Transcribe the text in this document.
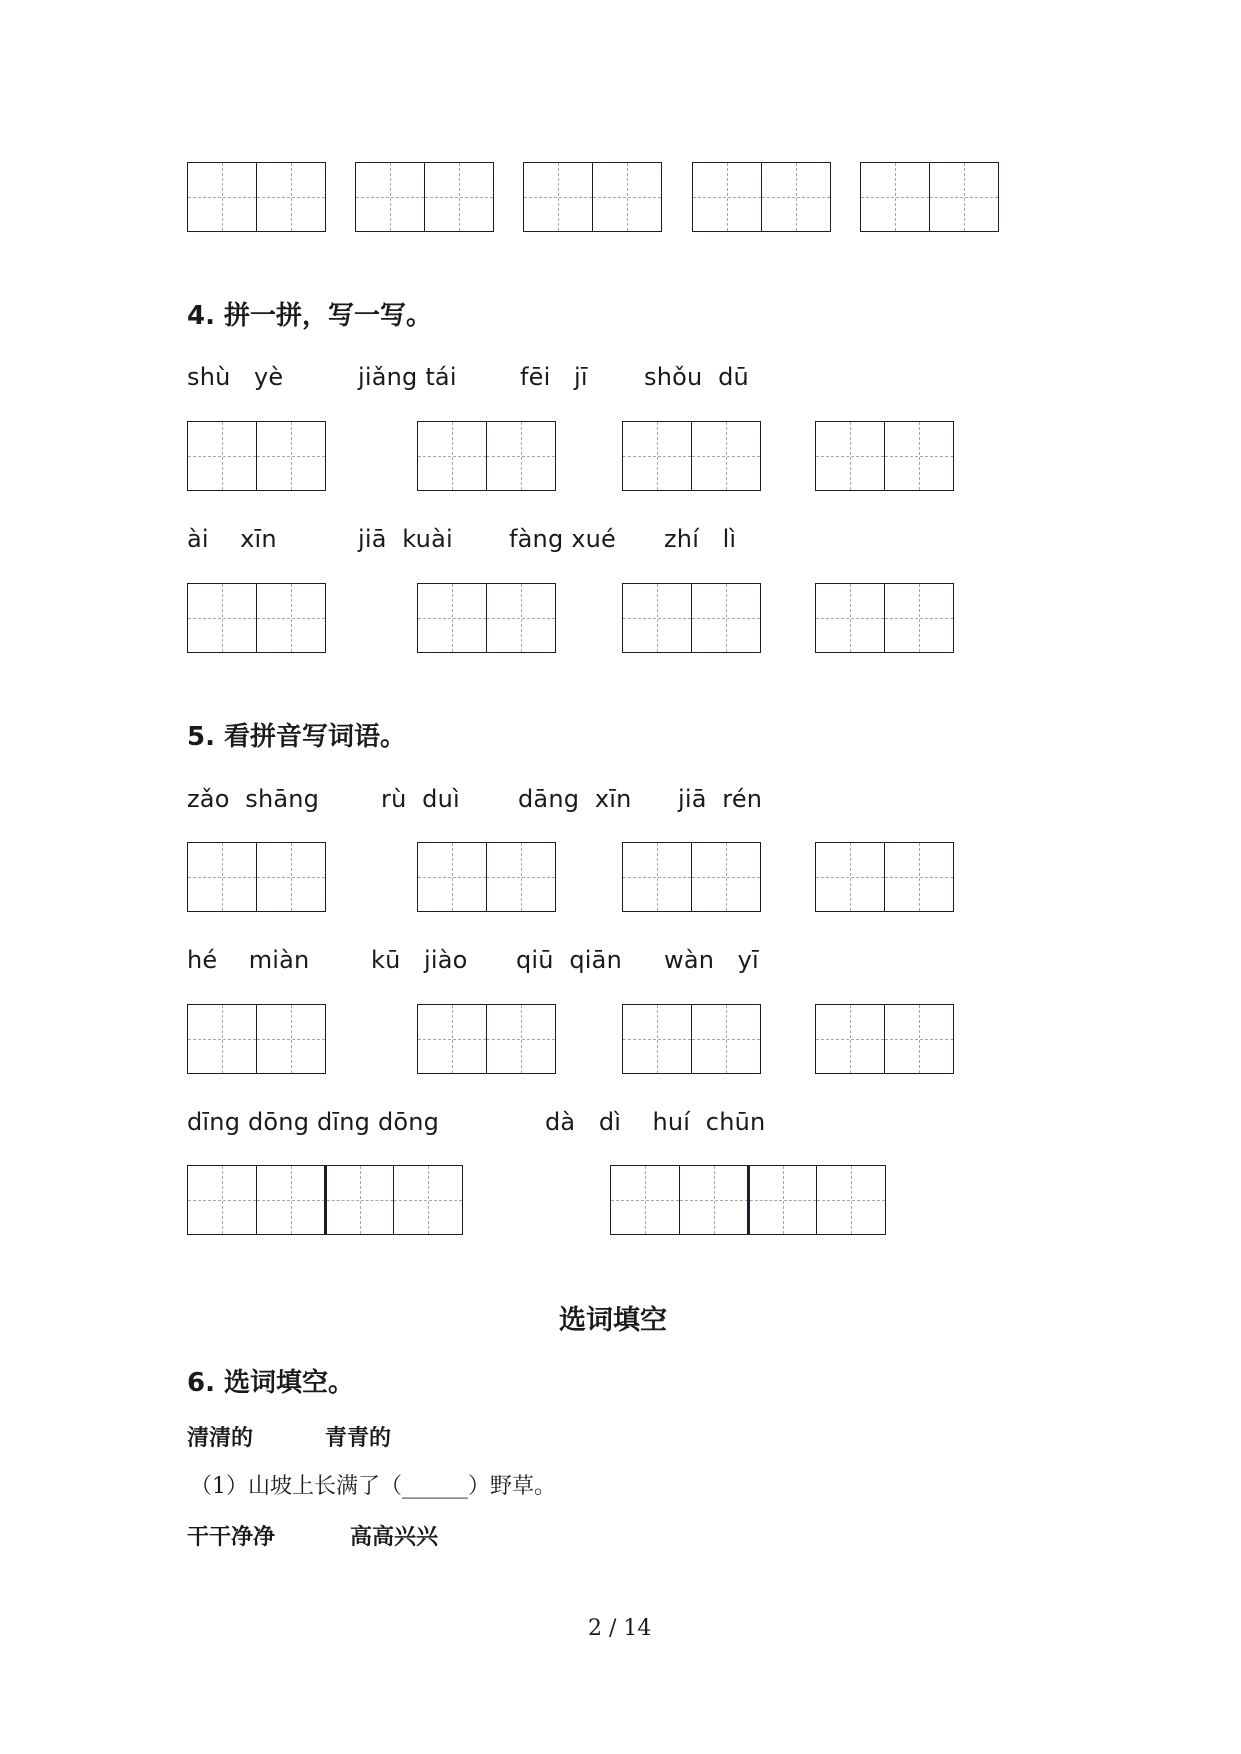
4. 拼一拼，写一写。
shù   yè	jiǎng tái	fēi   jī shǒu  dū
ài    xīn	jiā  kuài fàng xué zhí   lì
5. 看拼音写词语。
zǎo  shāng	rù  duì dāng  xīn jiā  rén
hé    miàn	kū   jiào qiū  qiān wàn   yī
dīng dōng dīng dōng	dà   dì    huí  chūn
选词填空
6. 选词填空。
清清的	青青的
（1）山坡上长满了（______）野草。
干干净净	高高兴兴
2 / 14
